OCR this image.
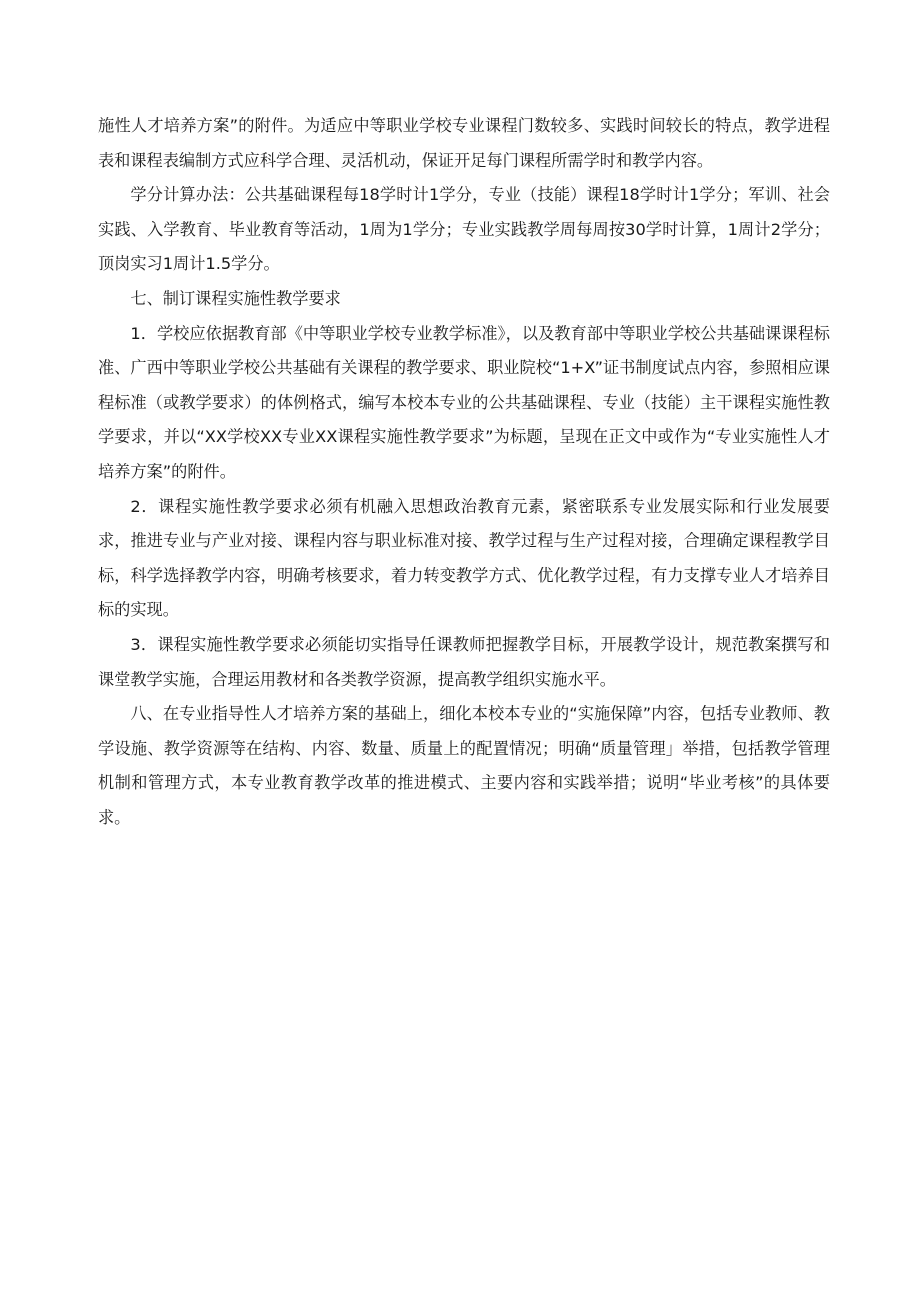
施性人才培养方案”的附件。为适应中等职业学校专业课程门数较多、实践时间较长的特点，教学进程表和课程表编制方式应科学合理、灵活机动，保证开足每门课程所需学时和教学内容。

学分计算办法：公共基础课程每18学时计1学分，专业（技能）课程18学时计1学分；军训、社会实践、入学教育、毕业教育等活动，1周为1学分；专业实践教学周每周按30学时计算，1周计2学分；顶岗实习1周计1.5学分。

七、制订课程实施性教学要求

1．学校应依据教育部《中等职业学校专业教学标准》，以及教育部中等职业学校公共基础课课程标准、广西中等职业学校公共基础有关课程的教学要求、职业院校“1+X”证书制度试点内容，参照相应课程标准（或教学要求）的体例格式，编写本校本专业的公共基础课程、专业（技能）主干课程实施性教学要求，并以“XX学校XX专业XX课程实施性教学要求”为标题，呈现在正文中或作为“专业实施性人才培养方案”的附件。

2．课程实施性教学要求必须有机融入思想政治教育元素，紧密联系专业发展实际和行业发展要求，推进专业与产业对接、课程内容与职业标准对接、教学过程与生产过程对接，合理确定课程教学目标，科学选择教学内容，明确考核要求，着力转变教学方式、优化教学过程，有力支撑专业人才培养目标的实现。

3．课程实施性教学要求必须能切实指导任课教师把握教学目标，开展教学设计，规范教案撰写和课堂教学实施，合理运用教材和各类教学资源，提高教学组织实施水平。

八、在专业指导性人才培养方案的基础上，细化本校本专业的“实施保障”内容，包括专业教师、教学设施、教学资源等在结构、内容、数量、质量上的配置情况；明确“质量管理」举措，包括教学管理机制和管理方式，本专业教育教学改革的推进模式、主要内容和实践举措；说明“毕业考核”的具体要求。
